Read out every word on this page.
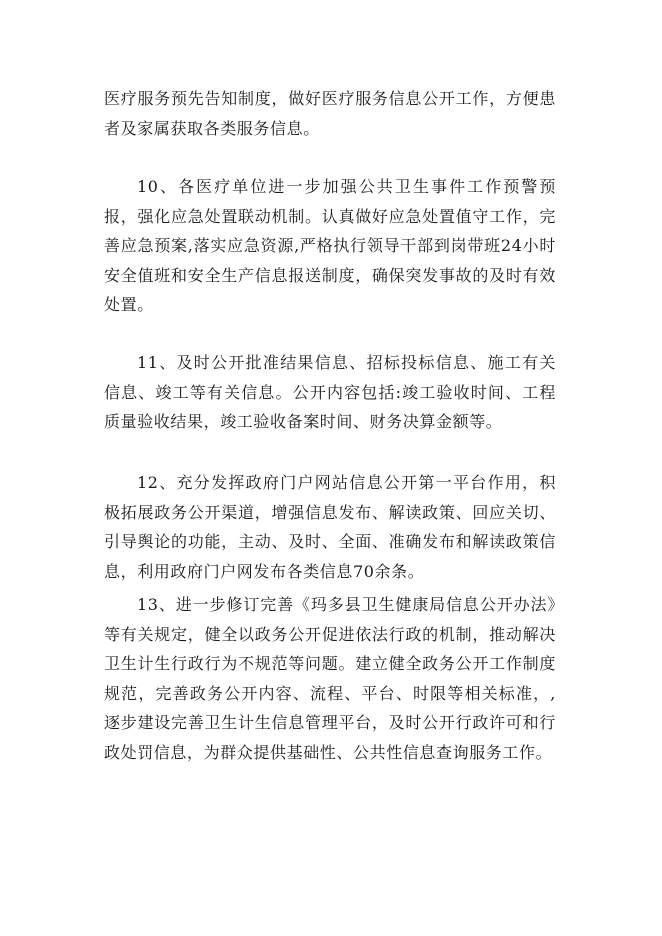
医疗服务预先告知制度，做好医疗服务信息公开工作，方便患者及家属获取各类服务信息。

10、各医疗单位进一步加强公共卫生事件工作预警预报，强化应急处置联动机制。认真做好应急处置值守工作，完善应急预案,落实应急资源,严格执行领导干部到岗带班24小时安全值班和安全生产信息报送制度，确保突发事故的及时有效处置。

11、及时公开批准结果信息、招标投标信息、施工有关信息、竣工等有关信息。公开内容包括:竣工验收时间、工程质量验收结果，竣工验收备案时间、财务决算金额等。

12、充分发挥政府门户网站信息公开第一平台作用，积极拓展政务公开渠道，增强信息发布、解读政策、回应关切、引导舆论的功能，主动、及时、全面、准确发布和解读政策信息，利用政府门户网发布各类信息70余条。

13、进一步修订完善《玛多县卫生健康局信息公开办法》等有关规定，健全以政务公开促进依法行政的机制，推动解决卫生计生行政行为不规范等问题。建立健全政务公开工作制度规范，完善政务公开内容、流程、平台、时限等相关标准，,逐步建设完善卫生计生信息管理平台，及时公开行政许可和行政处罚信息，为群众提供基础性、公共性信息查询服务工作。
